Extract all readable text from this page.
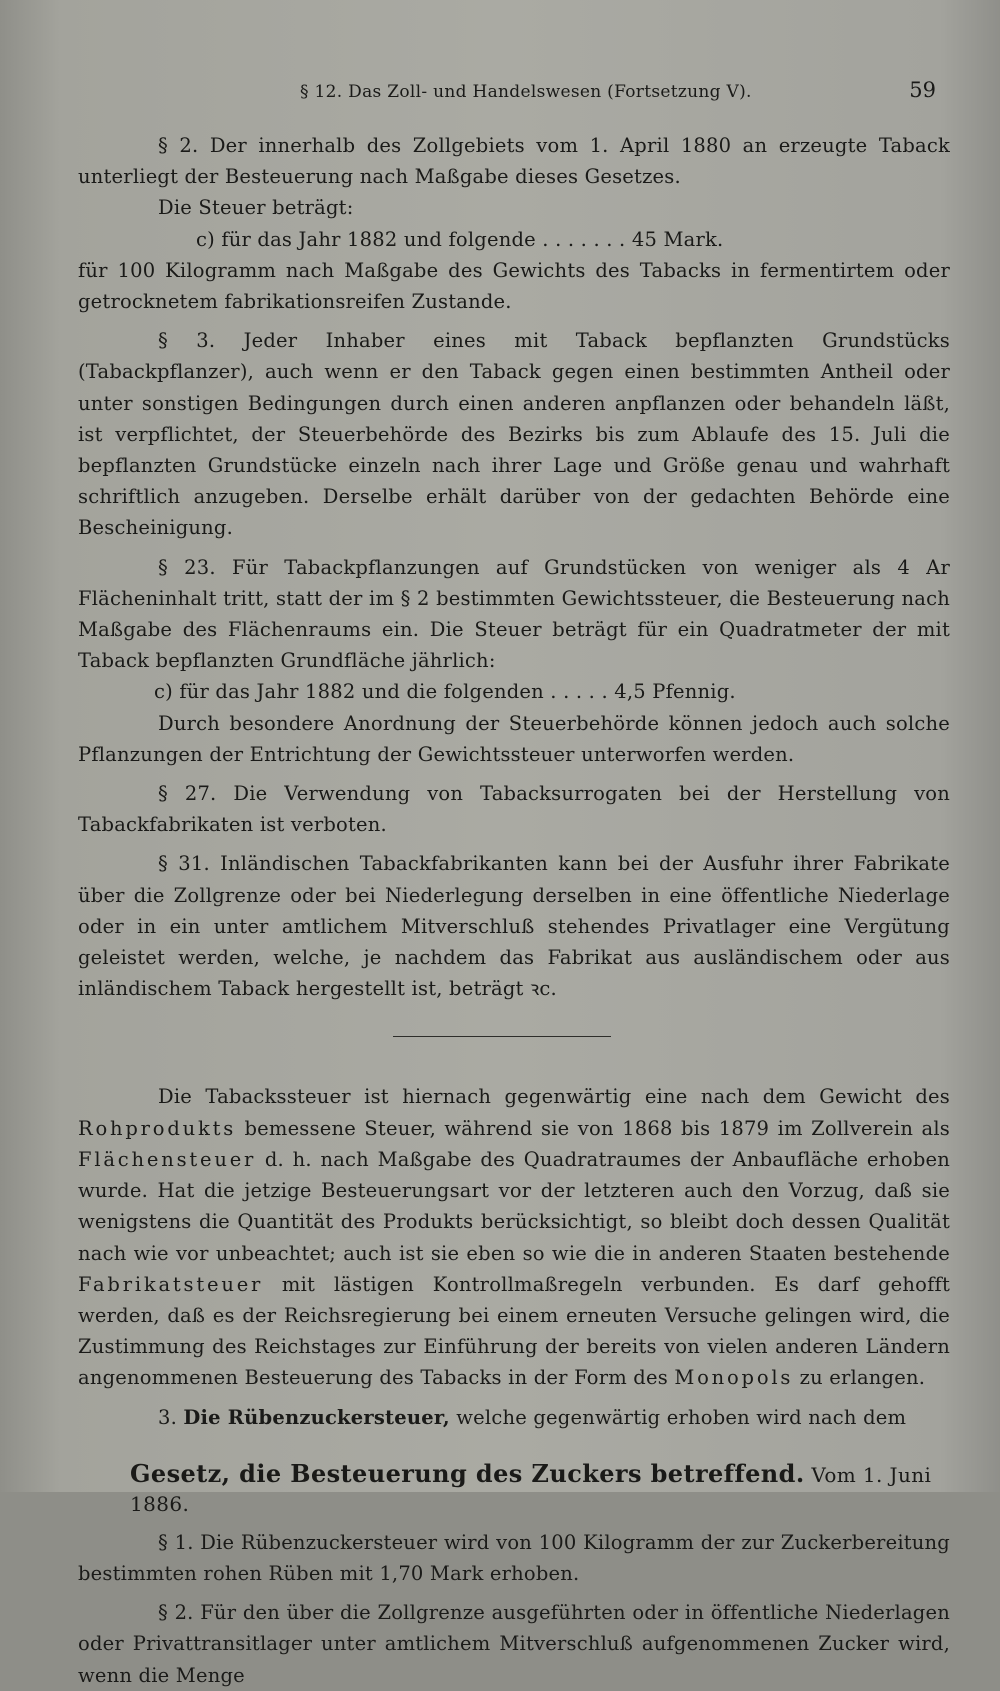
§ 12. Das Zoll- und Handelswesen (Fortsetzung V).	59

§ 2. Der innerhalb des Zollgebiets vom 1. April 1880 an erzeugte Taback unterliegt der Besteuerung nach Maßgabe dieses Gesetzes.

Die Steuer beträgt:

c) für das Jahr 1882 und folgende . . . . . . . 45 Mark.

für 100 Kilogramm nach Maßgabe des Gewichts des Tabacks in fermentirtem oder getrocknetem fabrikationsreifen Zustande.

§ 3. Jeder Inhaber eines mit Taback bepflanzten Grundstücks (Tabackpflanzer), auch wenn er den Taback gegen einen bestimmten Antheil oder unter sonstigen Bedingungen durch einen anderen anpflanzen oder behandeln läßt, ist verpflichtet, der Steuerbehörde des Bezirks bis zum Ablaufe des 15. Juli die bepflanzten Grundstücke einzeln nach ihrer Lage und Größe genau und wahrhaft schriftlich anzugeben. Derselbe erhält darüber von der gedachten Behörde eine Bescheinigung.

§ 23. Für Tabackpflanzungen auf Grundstücken von weniger als 4 Ar Flächeninhalt tritt, statt der im § 2 bestimmten Gewichtssteuer, die Besteuerung nach Maßgabe des Flächenraums ein. Die Steuer beträgt für ein Quadratmeter der mit Taback bepflanzten Grundfläche jährlich:

c) für das Jahr 1882 und die folgenden . . . . . 4,5 Pfennig.

Durch besondere Anordnung der Steuerbehörde können jedoch auch solche Pflanzungen der Entrichtung der Gewichtssteuer unterworfen werden.

§ 27. Die Verwendung von Tabacksurrogaten bei der Herstellung von Tabackfabrikaten ist verboten.

§ 31. Inländischen Tabackfabrikanten kann bei der Ausfuhr ihrer Fabrikate über die Zollgrenze oder bei Niederlegung derselben in eine öffentliche Niederlage oder in ein unter amtlichem Mitverschluß stehendes Privatlager eine Vergütung geleistet werden, welche, je nachdem das Fabrikat aus ausländischem oder aus inländischem Taback hergestellt ist, beträgt ꝛc.

Die Tabackssteuer ist hiernach gegenwärtig eine nach dem Gewicht des Rohprodukts bemessene Steuer, während sie von 1868 bis 1879 im Zollverein als Flächensteuer d. h. nach Maßgabe des Quadratraumes der Anbaufläche erhoben wurde. Hat die jetzige Besteuerungsart vor der letzteren auch den Vorzug, daß sie wenigstens die Quantität des Produkts berücksichtigt, so bleibt doch dessen Qualität nach wie vor unbeachtet; auch ist sie eben so wie die in anderen Staaten bestehende Fabrikatsteuer mit lästigen Kontrollmaßregeln verbunden. Es darf gehofft werden, daß es der Reichsregierung bei einem erneuten Versuche gelingen wird, die Zustimmung des Reichstages zur Einführung der bereits von vielen anderen Ländern angenommenen Besteuerung des Tabacks in der Form des Monopols zu erlangen.

3. Die Rübenzuckersteuer, welche gegenwärtig erhoben wird nach dem

Gesetz, die Besteuerung des Zuckers betreffend. Vom 1. Juni 1886.

§ 1. Die Rübenzuckersteuer wird von 100 Kilogramm der zur Zuckerbereitung bestimmten rohen Rüben mit 1,70 Mark erhoben.

§ 2. Für den über die Zollgrenze ausgeführten oder in öffentliche Niederlagen oder Privattransitlager unter amtlichem Mitverschluß aufgenommenen Zucker wird, wenn die Menge
